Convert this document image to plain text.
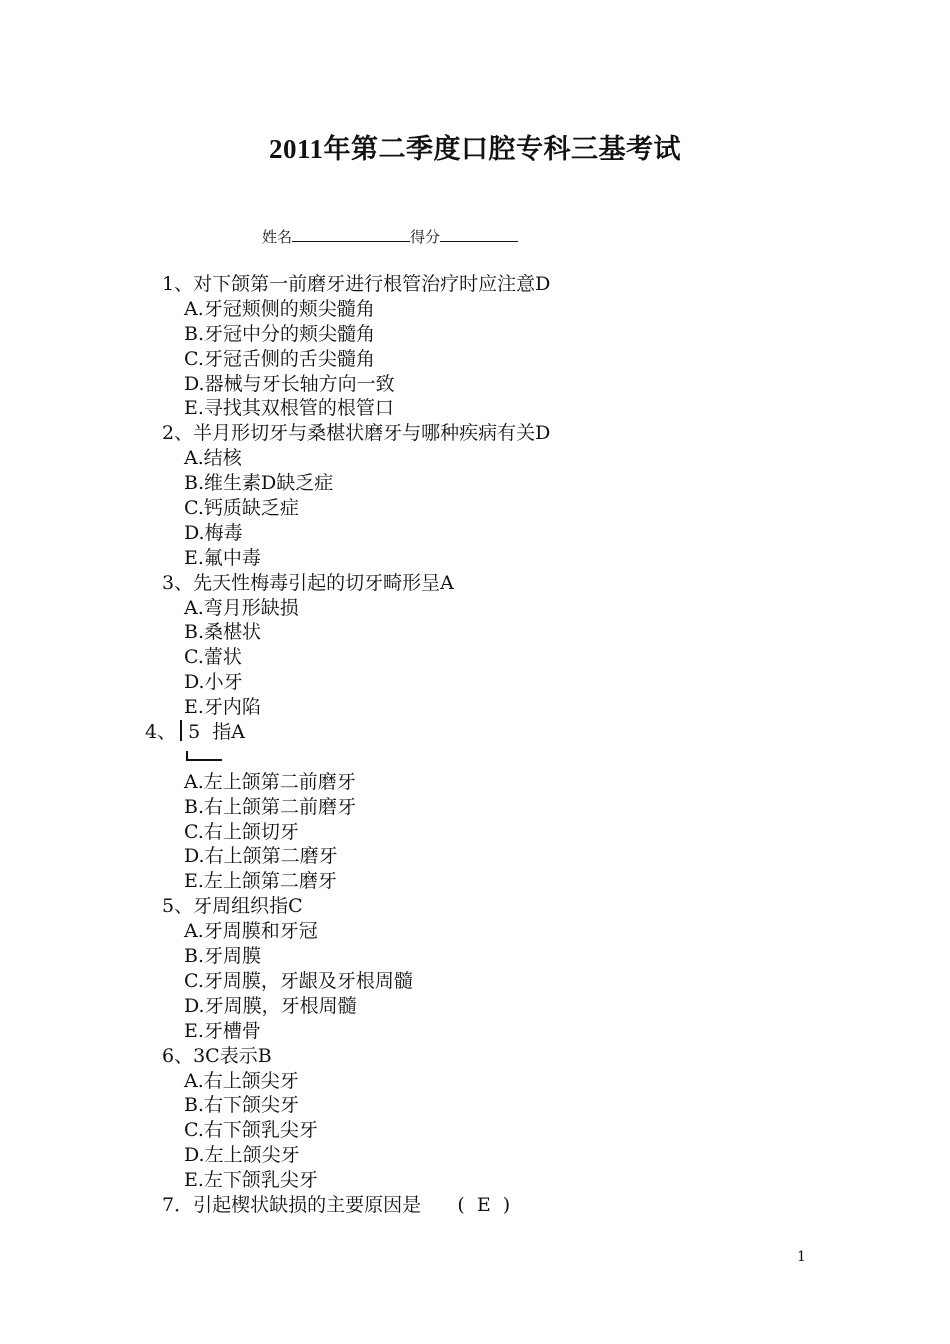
2011年第二季度口腔专科三基考试
姓名	得分
1、对下颌第一前磨牙进行根管治疗时应注意D
A.牙冠颊侧的颊尖髓角
B.牙冠中分的颊尖髓角
C.牙冠舌侧的舌尖髓角
D.器械与牙长轴方向一致
E.寻找其双根管的根管口
2、半月形切牙与桑椹状磨牙与哪种疾病有关D
A.结核
B.维生素D缺乏症
C.钙质缺乏症
D.梅毒
E.氟中毒
3、先天性梅毒引起的切牙畸形呈A
A.弯月形缺损
B.桑椹状
C.蕾状
D.小牙
E.牙内陷
4、 5  指A
A.左上颌第二前磨牙
B.右上颌第二前磨牙
C.右上颌切牙
D.右上颌第二磨牙
E.左上颌第二磨牙
5、牙周组织指C
A.牙周膜和牙冠
B.牙周膜
C.牙周膜，牙龈及牙根周髓
D.牙周膜，牙根周髓
E.牙槽骨
6、3C表示B
A.右上颌尖牙
B.右下颌尖牙
C.右下颌乳尖牙
D.左上颌尖牙
E.左下颌乳尖牙
7．引起楔状缺损的主要原因是      (  E  )
1
